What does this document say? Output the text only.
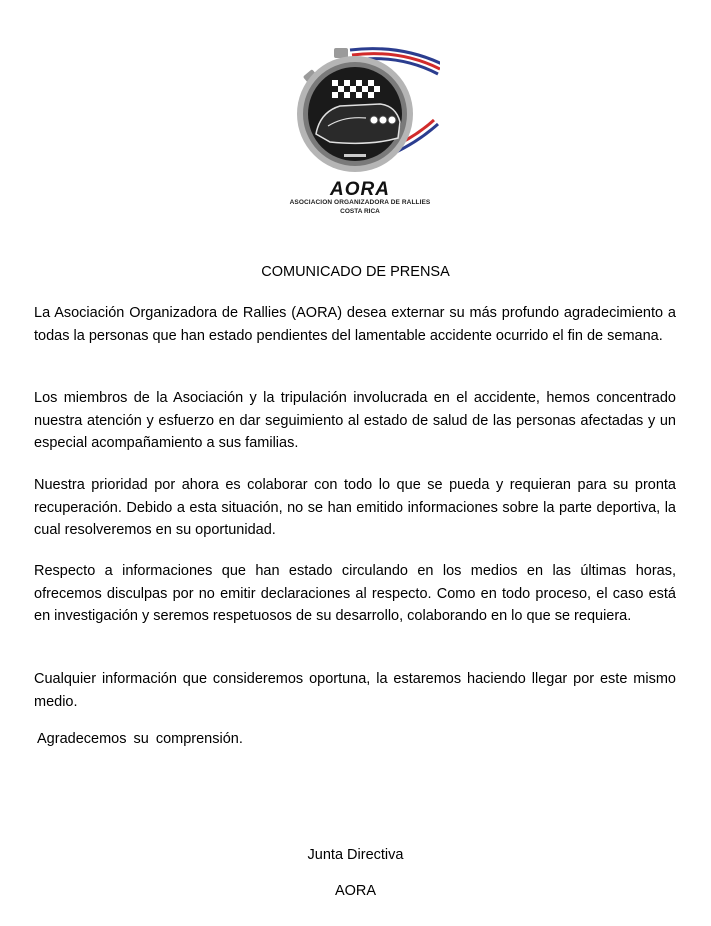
AORA
ASOCIACION ORGANIZADORA DE RALLIES
COSTA RICA
COMUNICADO DE PRENSA

La Asociación Organizadora de Rallies (AORA) desea externar su más profundo agradecimiento a todas la personas que han estado pendientes del lamentable accidente ocurrido el fin de semana.

Los miembros de la Asociación y la tripulación involucrada en el accidente, hemos concentrado nuestra atención y esfuerzo en dar seguimiento al estado de salud de las personas afectadas y un especial acompañamiento a sus familias.

Nuestra prioridad por ahora es colaborar con todo lo que se pueda y requieran para su pronta recuperación. Debido a esta situación, no se han emitido informaciones sobre la parte deportiva, la cual resolveremos en su oportunidad.

Respecto a informaciones que han estado circulando en los medios en las últimas horas, ofrecemos disculpas por no emitir declaraciones al respecto. Como en todo proceso, el caso está en investigación y seremos respetuosos de su desarrollo, colaborando en lo que se requiera.

Cualquier información que consideremos oportuna, la estaremos haciendo llegar por este mismo medio.

Agradecemos su comprensión.
Junta Directiva
AORA
